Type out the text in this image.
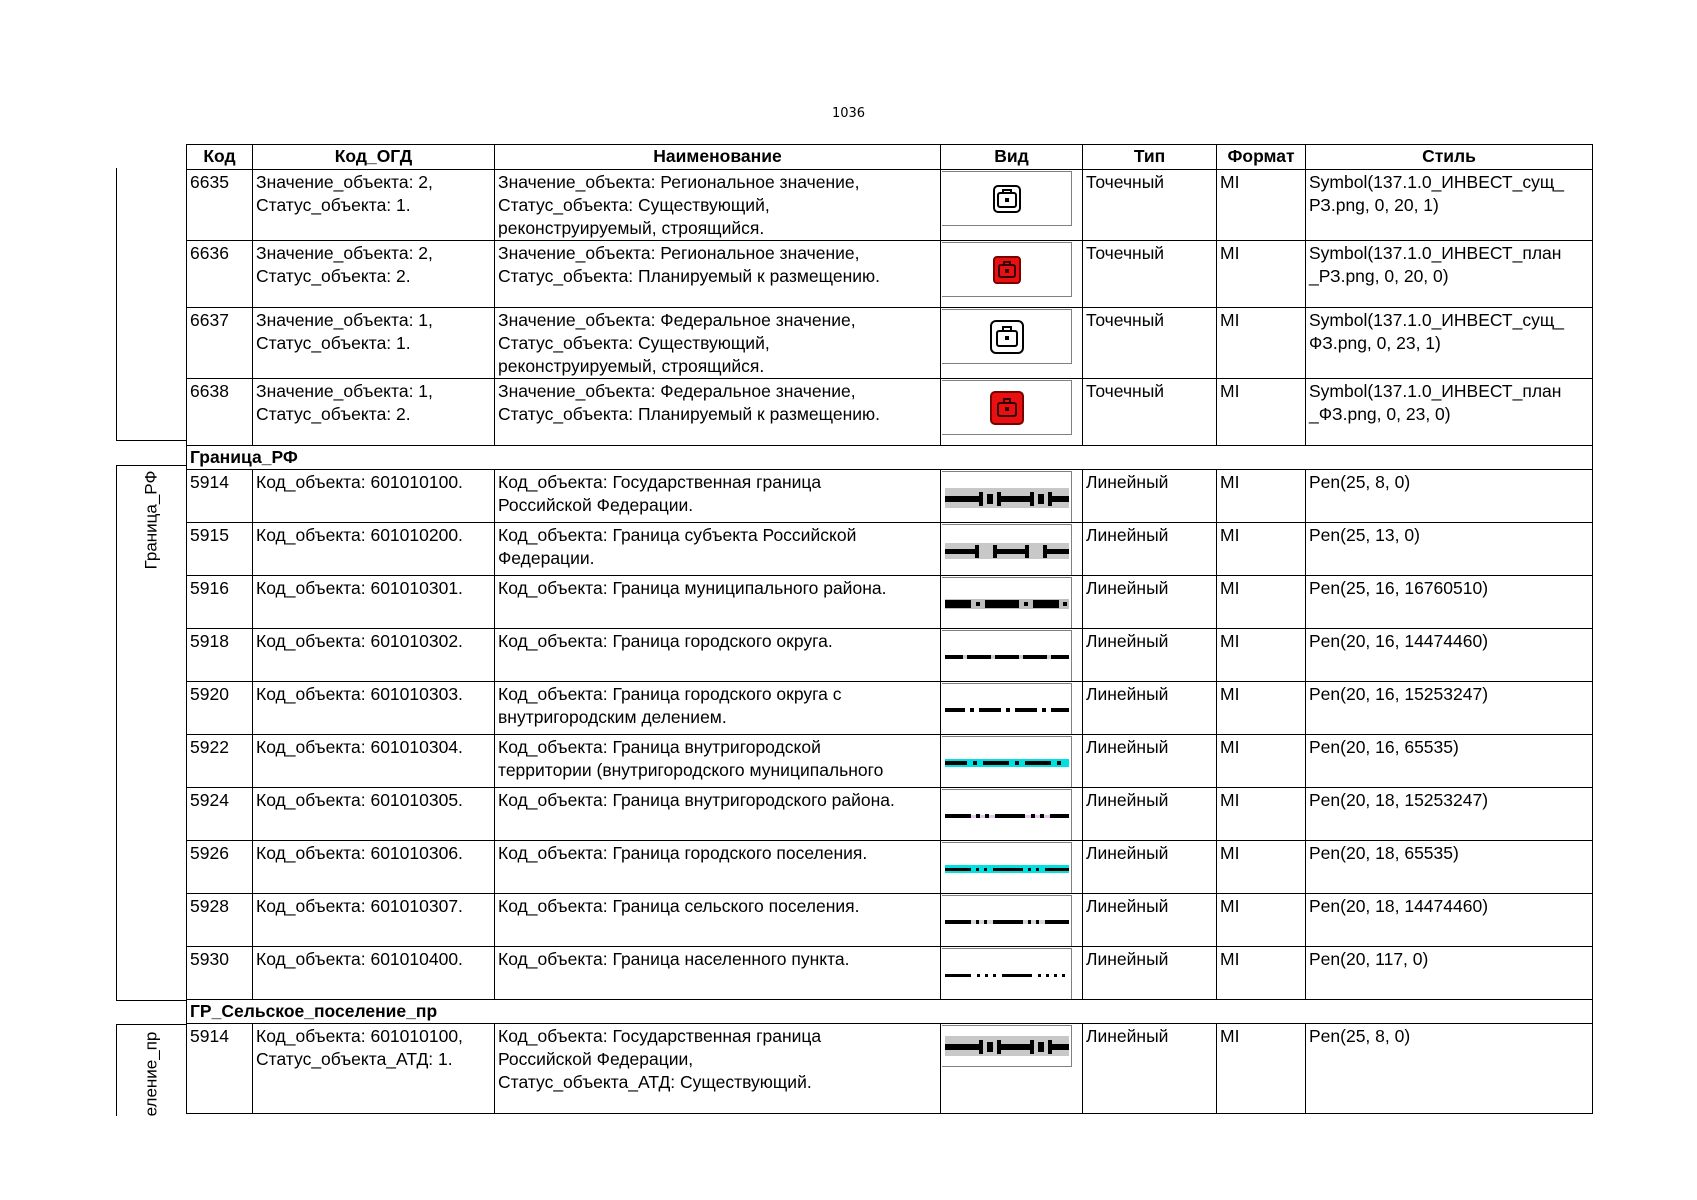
1036
Граница_РФ
еление_пр
Код	Код_ОГД	Наименование	Вид	Тип	Формат	Стиль
6635	Значение_объекта: 2,
Статус_объекта: 1.	Значение_объекта: Региональное значение,
Статус_объекта: Существующий,
реконструируемый, строящийся.		Точечный	MI	Symbol(137.1.0_ИНВЕСТ_сущ_
РЗ.png, 0, 20, 1)
6636	Значение_объекта: 2,
Статус_объекта: 2.	Значение_объекта: Региональное значение,
Статус_объекта: Планируемый к размещению.		Точечный	MI	Symbol(137.1.0_ИНВЕСТ_план
_РЗ.png, 0, 20, 0)
6637	Значение_объекта: 1,
Статус_объекта: 1.	Значение_объекта: Федеральное значение,
Статус_объекта: Существующий,
реконструируемый, строящийся.		Точечный	MI	Symbol(137.1.0_ИНВЕСТ_сущ_
ФЗ.png, 0, 23, 1)
6638	Значение_объекта: 1,
Статус_объекта: 2.	Значение_объекта: Федеральное значение,
Статус_объекта: Планируемый к размещению.		Точечный	MI	Symbol(137.1.0_ИНВЕСТ_план
_ФЗ.png, 0, 23, 0)
Граница_РФ						
5914	Код_объекта: 601010100.	Код_объекта: Государственная граница
Российской Федерации.		Линейный	MI	Pen(25, 8, 0)
5915	Код_объекта: 601010200.	Код_объекта: Граница субъекта Российской
Федерации.		Линейный	MI	Pen(25, 13, 0)
5916	Код_объекта: 601010301.	Код_объекта: Граница муниципального района.		Линейный	MI	Pen(25, 16, 16760510)
5918	Код_объекта: 601010302.	Код_объекта: Граница городского округа.		Линейный	MI	Pen(20, 16, 14474460)
5920	Код_объекта: 601010303.	Код_объекта: Граница городского округа с
внутригородским делением.		Линейный	MI	Pen(20, 16, 15253247)
5922	Код_объекта: 601010304.	Код_объекта: Граница внутригородской
территории (внутригородского муниципального		Линейный	MI	Pen(20, 16, 65535)
5924	Код_объекта: 601010305.	Код_объекта: Граница внутригородского района.		Линейный	MI	Pen(20, 18, 15253247)
5926	Код_объекта: 601010306.	Код_объекта: Граница городского поселения.		Линейный	MI	Pen(20, 18, 65535)
5928	Код_объекта: 601010307.	Код_объекта: Граница сельского поселения.		Линейный	MI	Pen(20, 18, 14474460)
5930	Код_объекта: 601010400.	Код_объекта: Граница населенного пункта.		Линейный	MI	Pen(20, 117, 0)
ГР_Сельское_поселение_пр						
5914	Код_объекта: 601010100,
Статус_объекта_АТД: 1.	Код_объекта: Государственная граница
Российской Федерации,
Статус_объекта_АТД: Существующий.		Линейный	MI	Pen(25, 8, 0)
